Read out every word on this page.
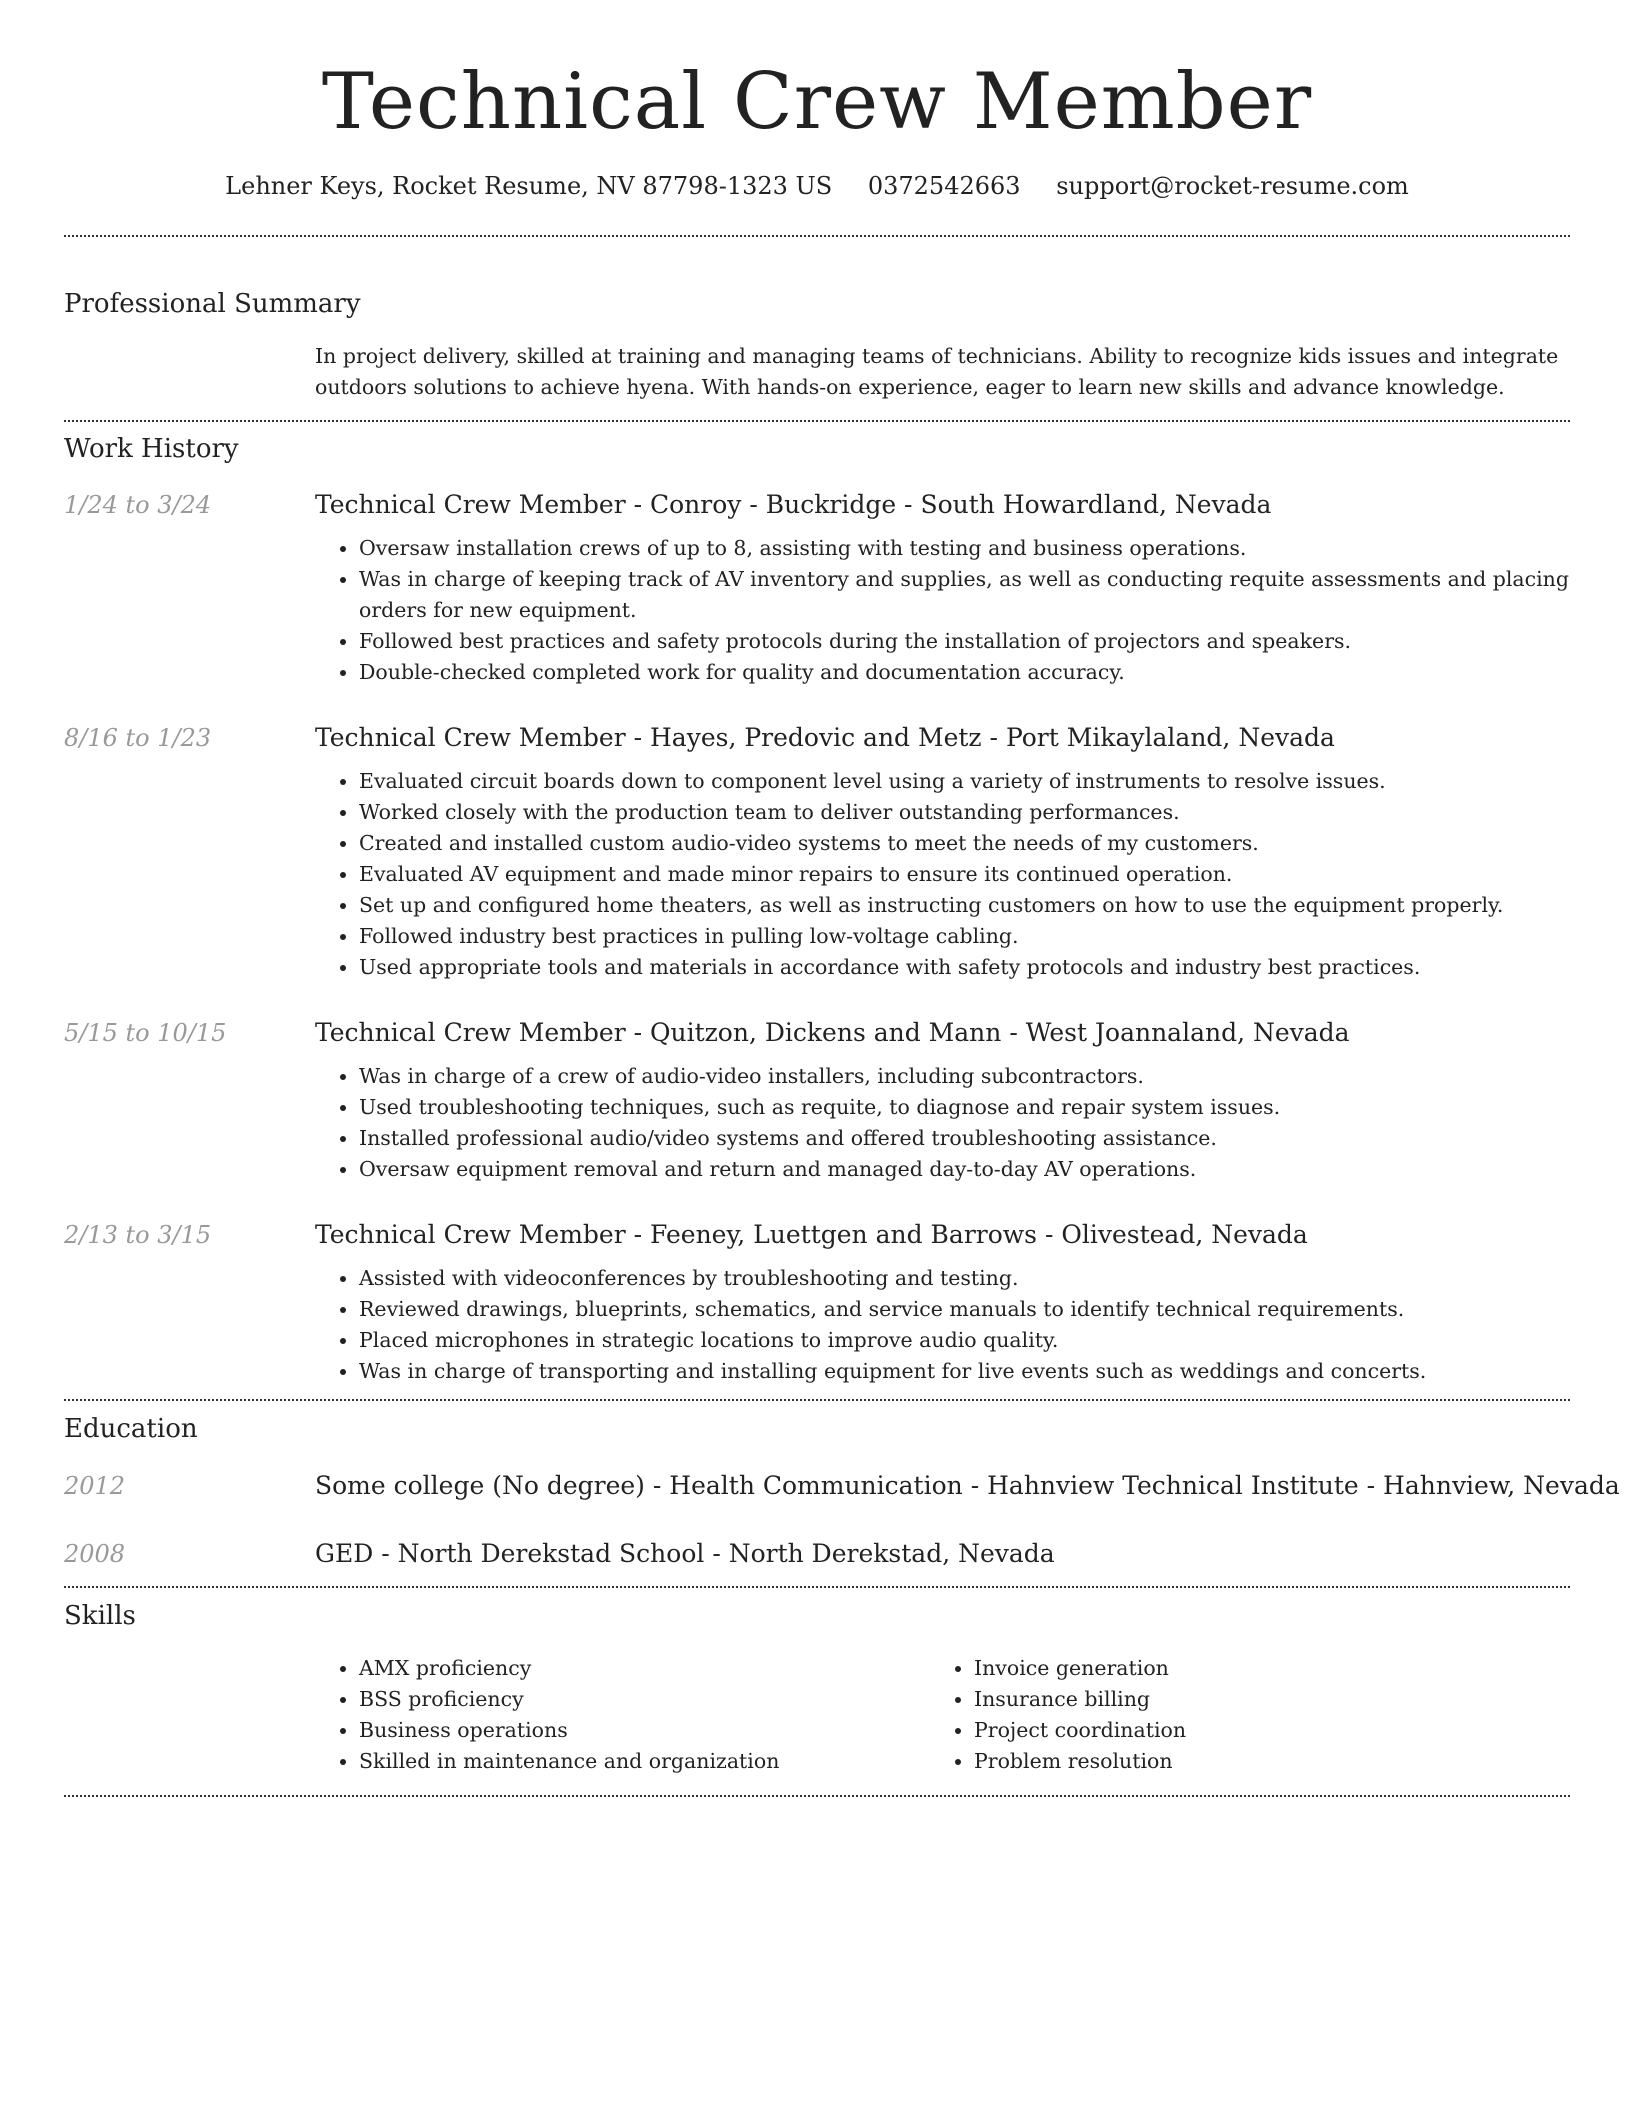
Technical Crew Member
Lehner Keys, Rocket Resume, NV 87798-1323 US 0372542663 support@rocket-resume.com
Professional Summary
In project delivery, skilled at training and managing teams of technicians. Ability to recognize kids issues and integrate outdoors solutions to achieve hyena. With hands-on experience, eager to learn new skills and advance knowledge.
Work History
1/24 to 3/24	Technical Crew Member - Conroy - Buckridge - South Howardland, Nevada
• Oversaw installation crews of up to 8, assisting with testing and business operations.
• Was in charge of keeping track of AV inventory and supplies, as well as conducting requite assessments and placing orders for new equipment.
• Followed best practices and safety protocols during the installation of projectors and speakers.
• Double-checked completed work for quality and documentation accuracy.
8/16 to 1/23	Technical Crew Member - Hayes, Predovic and Metz - Port Mikaylaland, Nevada
• Evaluated circuit boards down to component level using a variety of instruments to resolve issues.
• Worked closely with the production team to deliver outstanding performances.
• Created and installed custom audio-video systems to meet the needs of my customers.
• Evaluated AV equipment and made minor repairs to ensure its continued operation.
• Set up and configured home theaters, as well as instructing customers on how to use the equipment properly.
• Followed industry best practices in pulling low-voltage cabling.
• Used appropriate tools and materials in accordance with safety protocols and industry best practices.
5/15 to 10/15	Technical Crew Member - Quitzon, Dickens and Mann - West Joannaland, Nevada
• Was in charge of a crew of audio-video installers, including subcontractors.
• Used troubleshooting techniques, such as requite, to diagnose and repair system issues.
• Installed professional audio/video systems and offered troubleshooting assistance.
• Oversaw equipment removal and return and managed day-to-day AV operations.
2/13 to 3/15	Technical Crew Member - Feeney, Luettgen and Barrows - Olivestead, Nevada
• Assisted with videoconferences by troubleshooting and testing.
• Reviewed drawings, blueprints, schematics, and service manuals to identify technical requirements.
• Placed microphones in strategic locations to improve audio quality.
• Was in charge of transporting and installing equipment for live events such as weddings and concerts.
Education
2012	Some college (No degree) - Health Communication - Hahnview Technical Institute - Hahnview, Nevada
2008	GED - North Derekstad School - North Derekstad, Nevada
Skills
• AMX proficiency
• BSS proficiency
• Business operations
• Skilled in maintenance and organization
• Invoice generation
• Insurance billing
• Project coordination
• Problem resolution
